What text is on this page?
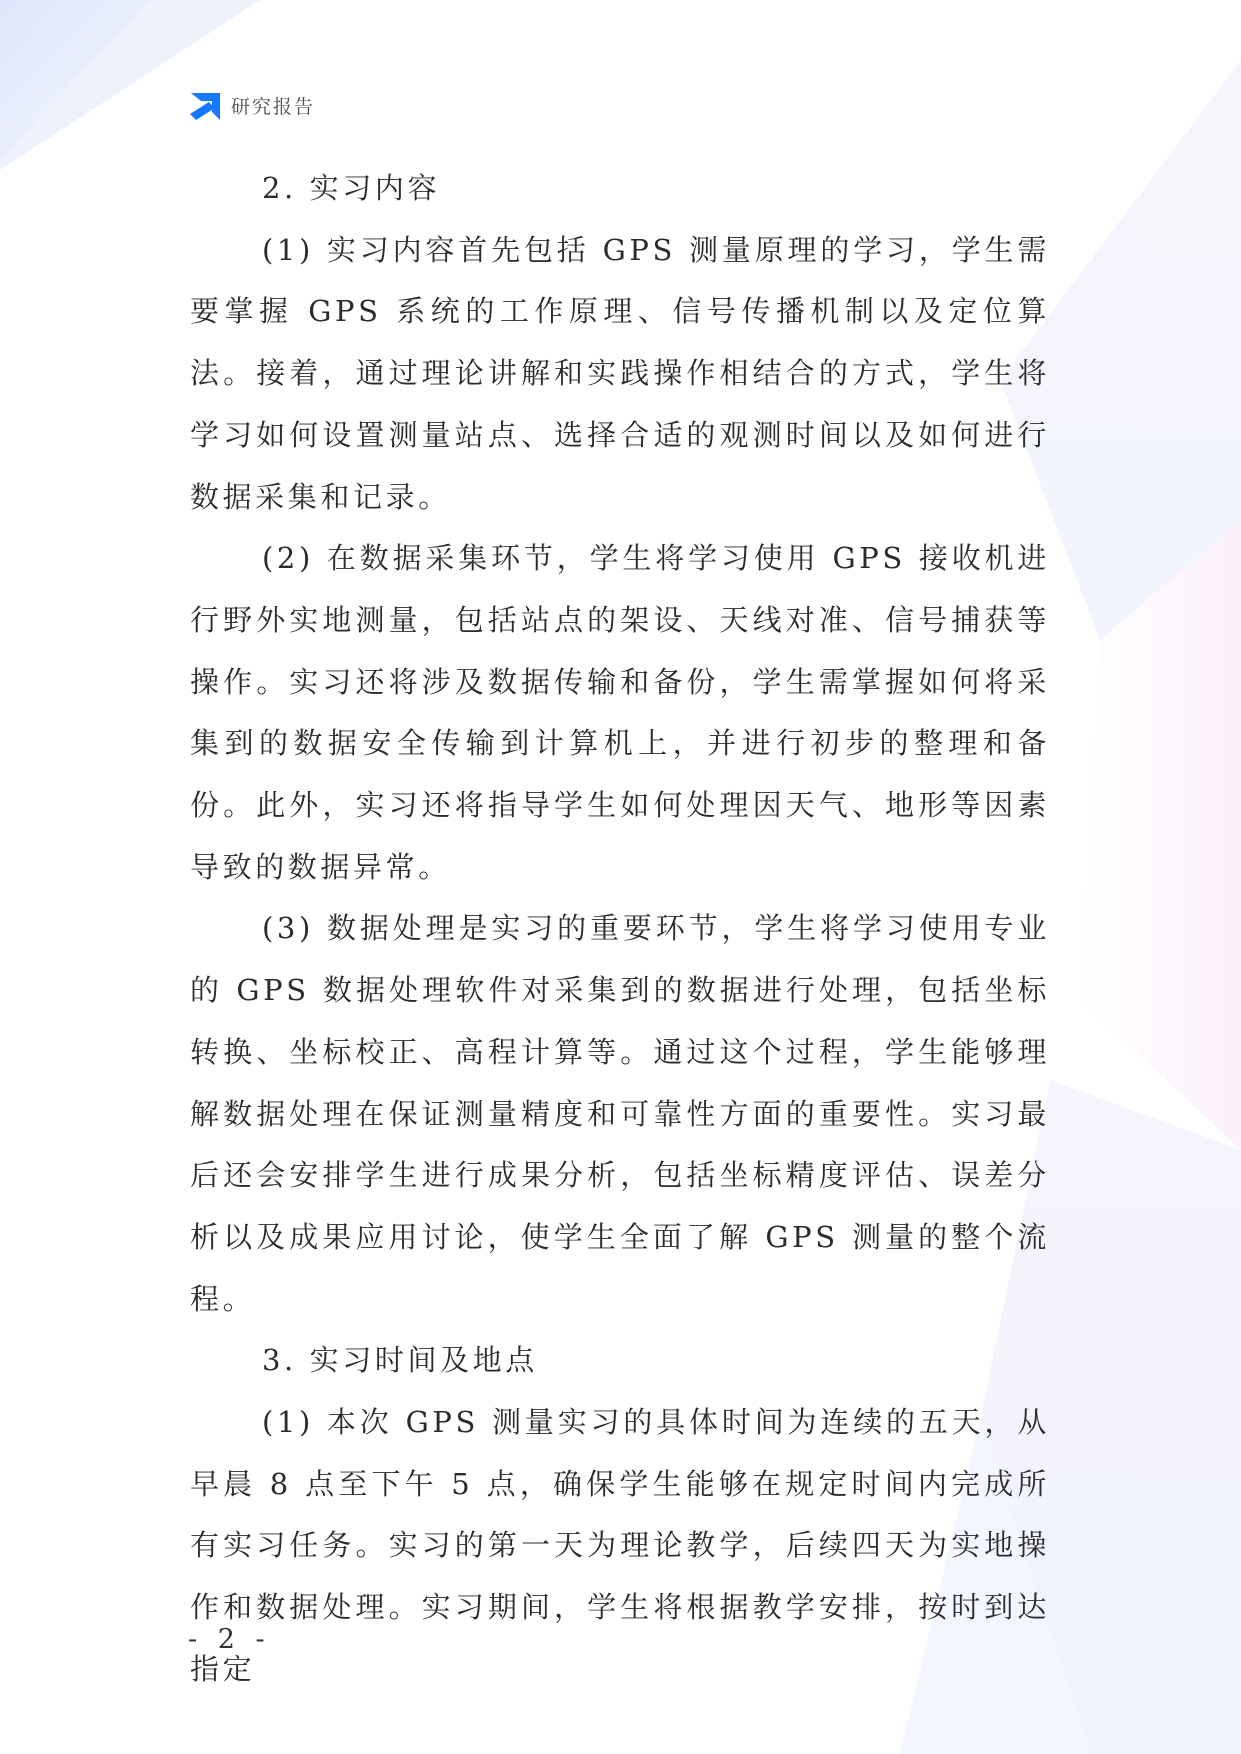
研究报告

2. 实习内容

(1) 实习内容首先包括 GPS 测量原理的学习，学生需要掌握 GPS 系统的工作原理、信号传播机制以及定位算法。接着，通过理论讲解和实践操作相结合的方式，学生将学习如何设置测量站点、选择合适的观测时间以及如何进行数据采集和记录。

(2) 在数据采集环节，学生将学习使用 GPS 接收机进行野外实地测量，包括站点的架设、天线对准、信号捕获等操作。实习还将涉及数据传输和备份，学生需掌握如何将采集到的数据安全传输到计算机上，并进行初步的整理和备份。此外，实习还将指导学生如何处理因天气、地形等因素导致的数据异常。

(3) 数据处理是实习的重要环节，学生将学习使用专业的 GPS 数据处理软件对采集到的数据进行处理，包括坐标转换、坐标校正、高程计算等。通过这个过程，学生能够理解数据处理在保证测量精度和可靠性方面的重要性。实习最后还会安排学生进行成果分析，包括坐标精度评估、误差分析以及成果应用讨论，使学生全面了解 GPS 测量的整个流程。

3. 实习时间及地点

(1) 本次 GPS 测量实习的具体时间为连续的五天，从早晨 8 点至下午 5 点，确保学生能够在规定时间内完成所有实习任务。实习的第一天为理论教学，后续四天为实地操作和数据处理。实习期间，学生将根据教学安排，按时到达指定

- 2 -
